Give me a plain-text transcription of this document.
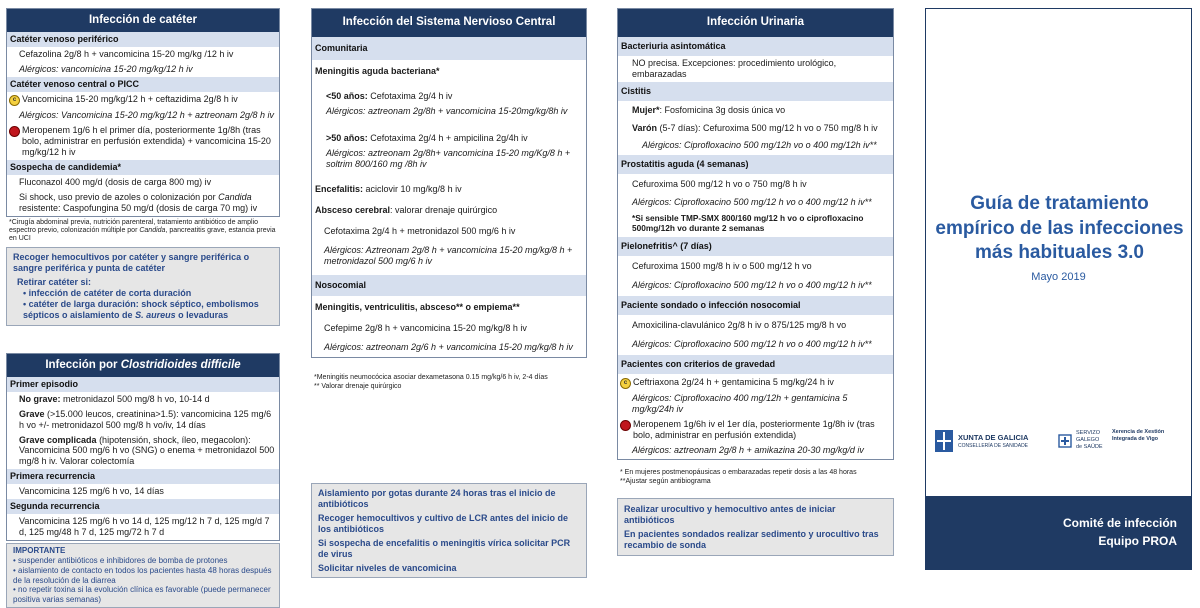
Infección de catéter
Catéter venoso periférico
Cefazolina 2g/8 h + vancomicina 15-20 mg/kg /12 h iv
Alérgicos: vancomicina 15-20 mg/kg/12 h iv
Catéter venoso central o PICC
c Vancomicina 15-20 mg/kg/12 h + ceftazidima 2g/8 h iv
Alérgicos: Vancomicina 15-20 mg/kg/12 h + aztreonam 2g/8 h iv
Meropenem 1g/6 h el primer día, posteriormente 1g/8h (tras bolo, administrar en perfusión extendida) + vancomicina 15-20 mg/kg/12 h iv
Sospecha de candidemia*
Fluconazol 400 mg/d (dosis de carga 800 mg) iv
Si shock, uso previo de azoles o colonización por Candida resistente: Caspofungina 50 mg/d (dosis de carga 70 mg) iv
*Cirugía abdominal previa, nutrición parenteral, tratamiento antibiótico de amplio espectro previo, colonización múltiple por Candida, pancreatitis grave, estancia previa en UCI
Recoger hemocultivos por catéter y sangre periférica o sangre periférica y punta de catéter
Retirar catéter si:
• infección de catéter de corta duración
• catéter de larga duración: shock séptico, embolismos sépticos o aislamiento de S. aureus o levaduras
Infección por Clostridioides difficile
Primer episodio
No grave: metronidazol 500 mg/8 h vo, 10-14 d
Grave (>15.000 leucos, creatinina>1.5): vancomicina 125 mg/6 h vo +/- metronidazol 500 mg/8 h vo/iv, 14 días
Grave complicada (hipotensión, shock, íleo, megacolon): Vancomicina 500 mg/6 h vo (SNG) o enema + metronidazol 500 mg/8 h iv. Valorar colectomía
Primera recurrencia
Vancomicina 125 mg/6 h vo, 14 días
Segunda recurrencia
Vancomicina 125 mg/6 h vo 14 d, 125 mg/12 h 7 d, 125 mg/d 7 d, 125 mg/48 h 7 d, 125 mg/72 h 7 d
IMPORTANTE
• suspender antibióticos e inhibidores de bomba de protones
• aislamiento de contacto en todos los pacientes hasta 48 horas después de la resolución de la diarrea
• no repetir toxina si la evolución clínica es favorable (puede permanecer positiva varias semanas)
Infección del Sistema Nervioso Central
Comunitaria
Meningitis aguda bacteriana*
<50 años: Cefotaxima 2g/4 h iv
Alérgicos: aztreonam 2g/8h + vancomicina 15-20mg/kg/8h iv
>50 años: Cefotaxima 2g/4 h + ampicilina 2g/4h iv
Alérgicos: aztreonam 2g/8h+ vancomicina 15-20 mg/Kg/8 h + soltrim 800/160 mg /8h iv
Encefalitis: aciclovir 10 mg/kg/8 h iv
Absceso cerebral: valorar drenaje quirúrgico
Cefotaxima 2g/4 h + metronidazol 500 mg/6 h iv
Alérgicos: Aztreonam 2g/8 h + vancomicina 15-20 mg/kg/8 h + metronidazol 500 mg/6 h iv
Nosocomial
Meningitis, ventriculitis, absceso** o empiema**
Cefepime 2g/8 h + vancomicina 15-20 mg/kg/8 h iv
Alérgicos: aztreonam 2g/6 h + vancomicina 15-20 mg/kg/8 h iv
*Meningitis neumocócica asociar dexametasona 0.15 mg/kg/6 h iv, 2-4 días
** Valorar drenaje quirúrgico
Aislamiento por gotas durante 24 horas tras el inicio de antibióticos
Recoger hemocultivos y cultivo de LCR antes del inicio de los antibióticos
Si sospecha de encefalitis o meningitis vírica solicitar PCR de virus
Solicitar niveles de vancomicina
Infección Urinaria
Bacteriuria asintomática
NO precisa. Excepciones: procedimiento urológico, embarazadas
Cistitis
Mujer*: Fosfomicina 3g dosis única vo
Varón (5-7 días): Cefuroxima 500 mg/12 h vo o 750 mg/8 h iv
Alérgicos: Ciprofloxacino 500 mg/12h vo o 400 mg/12h iv**
Prostatitis aguda (4 semanas)
Cefuroxima 500 mg/12 h vo o 750 mg/8 h iv
Alérgicos: Ciprofloxacino 500 mg/12 h vo o 400 mg/12 h iv**
*Si sensible TMP-SMX 800/160 mg/12 h vo o ciprofloxacino 500mg/12h vo durante 2 semanas
Pielonefritis^ (7 días)
Cefuroxima 1500 mg/8 h iv o 500 mg/12 h vo
Alérgicos: Ciprofloxacino 500 mg/12 h vo o 400 mg/12 h iv**
Paciente sondado o infección nosocomial
Amoxicilina-clavulánico 2g/8 h iv o 875/125 mg/8 h vo
Alérgicos: Ciprofloxacino 500 mg/12 h vo o 400 mg/12 h iv**
Pacientes con criterios de gravedad
c Ceftriaxona 2g/24 h + gentamicina 5 mg/kg/24 h iv
Alérgicos: Ciprofloxacino 400 mg/12h + gentamicina 5 mg/kg/24h iv
Meropenem 1g/6h iv el 1er día, posteriormente 1g/8h iv (tras bolo, administrar en perfusión extendida)
Alérgicos: aztreonam 2g/8 h + amikazina 20-30 mg/kg/d iv
* En mujeres postmenopáusicas o embarazadas repetir dosis a las 48 horas
**Ajustar según antibiograma
Realizar urocultivo y hemocultivo antes de iniciar antibióticos
En pacientes sondados realizar sedimento y urocultivo tras recambio de sonda
Guía de tratamiento empírico de las infecciones más habituales 3.0
Mayo 2019
XUNTA DE GALICIA
CONSELLERÍA DE SANIDADE
SERVIZO
GALEGO
de SAÚDE
Xerencia de Xestión Integrada de Vigo
Comité de infección
Equipo PROA
